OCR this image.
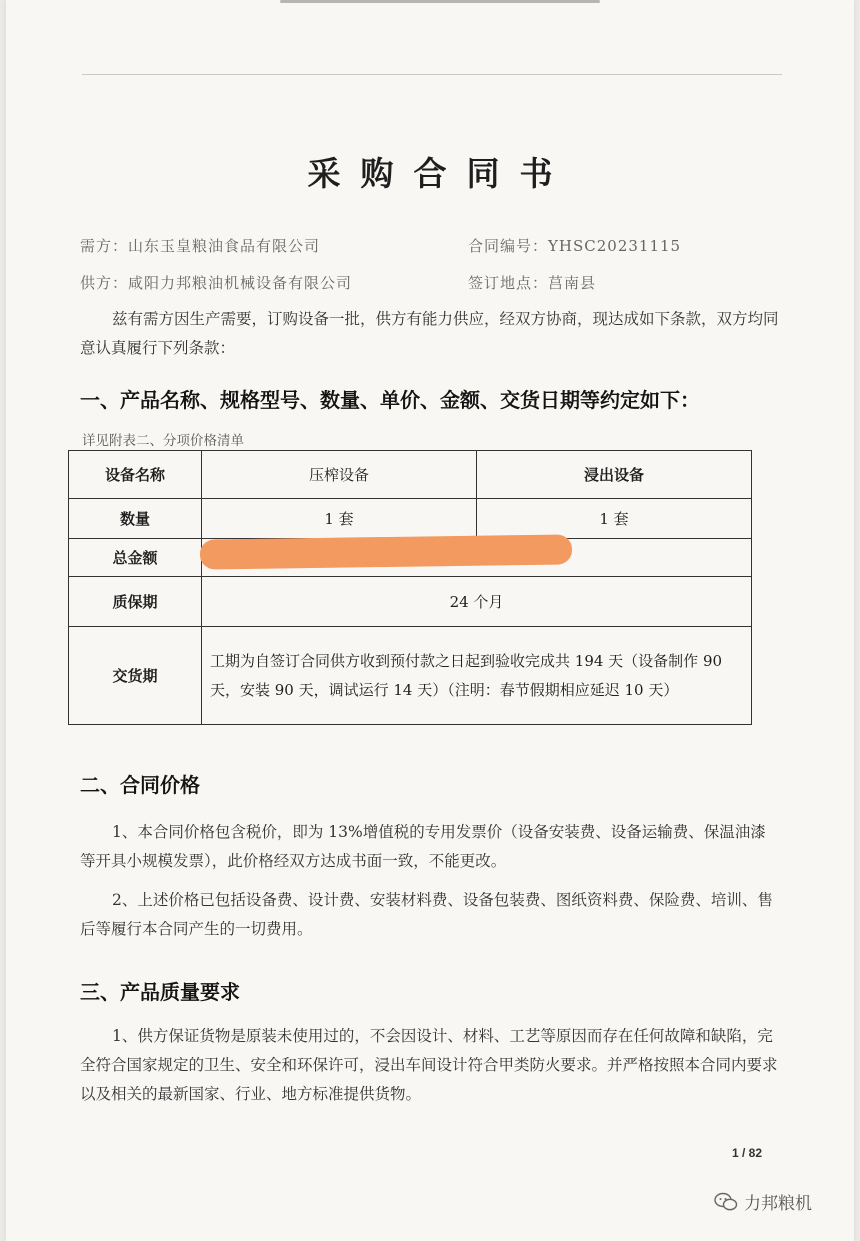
采购合同书
需方：山东玉皇粮油食品有限公司	合同编号：YHSC20231115
供方：咸阳力邦粮油机械设备有限公司	签订地点：莒南县
兹有需方因生产需要，订购设备一批，供方有能力供应，经双方协商，现达成如下条款，双方均同意认真履行下列条款：
一、产品名称、规格型号、数量、单价、金额、交货日期等约定如下：
详见附表二、分项价格清单
设备名称	压榨设备	浸出设备
数量	1 套	1 套
总金额		
质保期	24 个月	
交货期	工期为自签订合同供方收到预付款之日起到验收完成共 194 天（设备制作 90 天，安装 90 天，调试运行 14 天）（注明：春节假期相应延迟 10 天）	
二、合同价格
1、本合同价格包含税价，即为 13%增值税的专用发票价（设备安装费、设备运输费、保温油漆等开具小规模发票），此价格经双方达成书面一致，不能更改。
2、上述价格已包括设备费、设计费、安装材料费、设备包装费、图纸资料费、保险费、培训、售后等履行本合同产生的一切费用。
三、产品质量要求
1、供方保证货物是原装未使用过的，不会因设计、材料、工艺等原因而存在任何故障和缺陷，完全符合国家规定的卫生、安全和环保许可，浸出车间设计符合甲类防火要求。并严格按照本合同内要求以及相关的最新国家、行业、地方标准提供货物。
1 / 82
力邦粮机
